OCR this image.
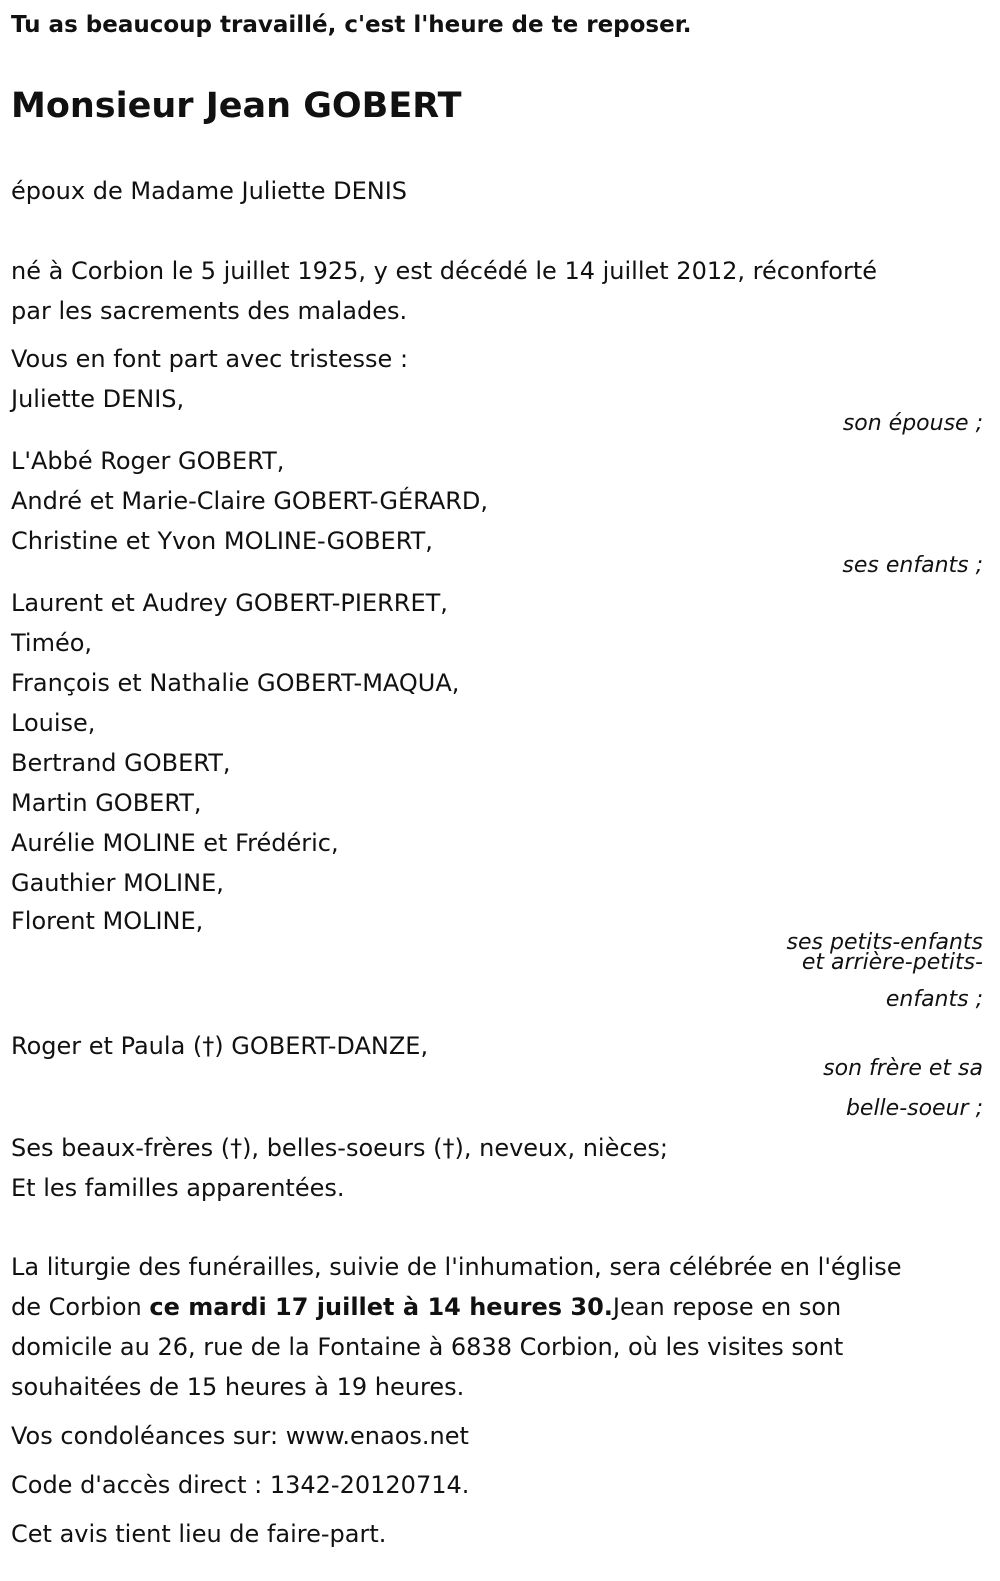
Tu as beaucoup travaillé, c'est l'heure de te reposer.

Monsieur Jean GOBERT

époux de Madame Juliette DENIS

né à Corbion le 5 juillet 1925, y est décédé le 14 juillet 2012, réconforté

par les sacrements des malades.

Vous en font part avec tristesse :

Juliette DENIS,

son épouse ;

L'Abbé Roger GOBERT,

André et Marie-Claire GOBERT-GÉRARD,

Christine et Yvon MOLINE-GOBERT,

ses enfants ;

Laurent et Audrey GOBERT-PIERRET,

Timéo,

François et Nathalie GOBERT-MAQUA,

Louise,

Bertrand GOBERT,

Martin GOBERT,

Aurélie MOLINE et Frédéric,

Gauthier MOLINE,

Florent MOLINE,

ses petits-enfants
et arrière-petits-
enfants ;

Roger et Paula (†) GOBERT-DANZE,

son frère et sa
belle-soeur ;

Ses beaux-frères (†), belles-soeurs (†), neveux, nièces;

Et les familles apparentées.

La liturgie des funérailles, suivie de l'inhumation, sera célébrée en l'église

de Corbion ce mardi 17 juillet à 14 heures 30.Jean repose en son

domicile au 26, rue de la Fontaine à 6838 Corbion, où les visites sont

souhaitées de 15 heures à 19 heures.

Vos condoléances sur: www.enaos.net

Code d'accès direct : 1342-20120714.

Cet avis tient lieu de faire-part.
